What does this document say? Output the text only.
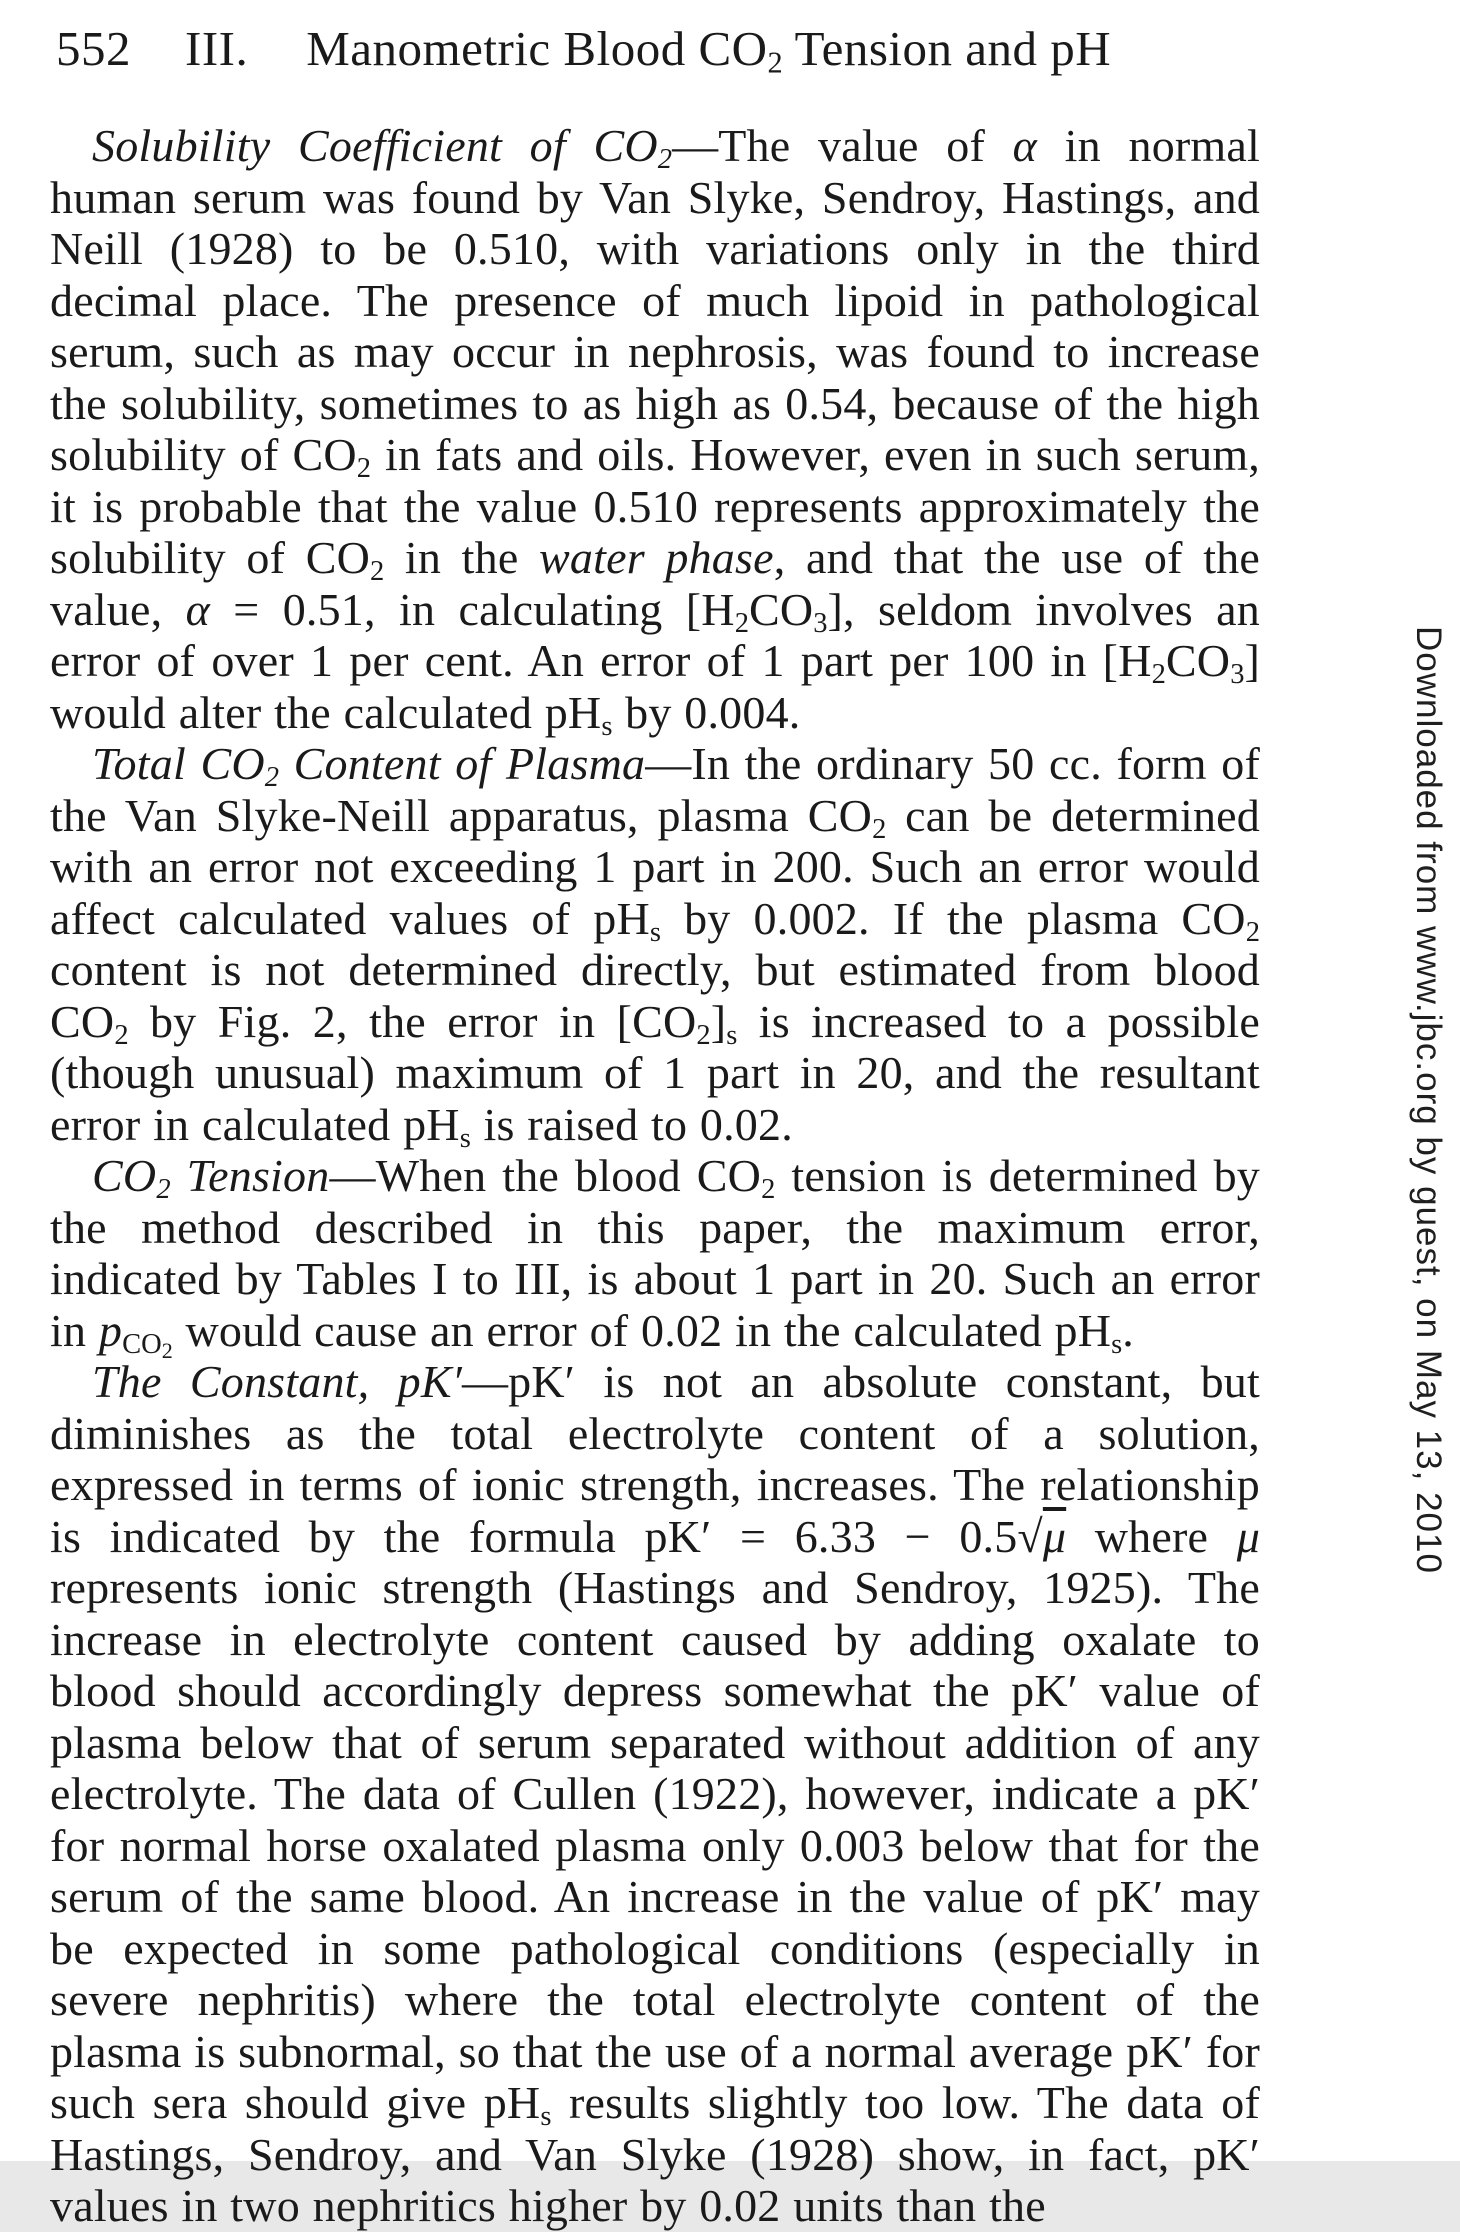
552 III. Manometric Blood $CO_2$ Tension and pH

Solubility Coefficient of $CO_2—The$ value of α in normal human serum was found by Van Slyke, Sendroy, Hastings, and Neill (1928) to be 0.510, with variations only in the third decimal place. The presence of much lipoid in pathological serum, such as may occur in nephrosis, was found to increase the solubility, sometimes to as high as 0.54, because of the high solubility of $CO_2$ in fats and oils. However, even in such serum, it is probable that the value 0.510 represents approximately the solubility of $CO_2$ in the water phase, and that the use of the value, α = 0.51, in calculating $[H_2CO_3]$, seldom involves an error of over 1 per cent. An error of 1 part per 100 in $[H_2CO_3]$ would alter the calculated $pH_s$ by 0.004.

Total $CO_2$ Content of Plasma—In the ordinary 50 cc. form of the Van Slyke-Neill apparatus, plasma $CO_2$ can be determined with an error not exceeding 1 part in 200. Such an error would affect calculated values of $pH_s$ by 0.002. If the plasma $CO_2$ content is not determined directly, but estimated from blood $CO_2$ by Fig. 2, the error in $[CO_2]_s$ is increased to a possible (though unusual) maximum of 1 part in 20, and the resultant error in calculated $pH_s$ is raised to 0.02.

$CO_2$ Tension—When the blood $CO_2$ tension is determined by the method described in this paper, the maximum error, indicated by Tables I to III, is about 1 part in 20. Such an error in $p_{CO2}$ would cause an error of 0.02 in the calculated $pH_s$.

The Constant, pK′—pK′ is not an absolute constant, but diminishes as the total electrolyte content of a solution, expressed in terms of ionic strength, increases. The relationship is indicated by the formula pK′ = 6.33 − 0.5√μ where μ represents ionic strength (Hastings and Sendroy, 1925). The increase in electrolyte content caused by adding oxalate to blood should accordingly depress somewhat the pK′ value of plasma below that of serum separated without addition of any electrolyte. The data of Cullen (1922), however, indicate a pK′ for normal horse oxalated plasma only 0.003 below that for the serum of the same blood. An increase in the value of pK′ may be expected in some pathological conditions (especially in severe nephritis) where the total electrolyte content of the plasma is subnormal, so that the use of a normal average pK′ for such sera should give $pH_s$ results slightly too low. The data of Hastings, Sendroy, and Van Slyke (1928) show, in fact, pK′ values in two nephritics higher by 0.02 units than the

Downloaded from www.jbc.org by guest, on May 13, 2010
